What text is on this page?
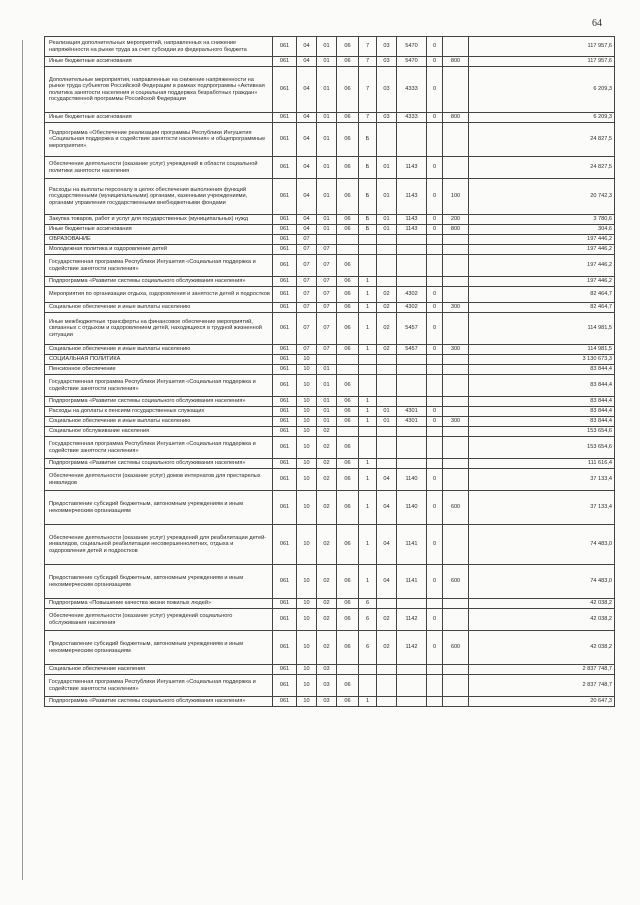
64
Реализация дополнительных мероприятий, направленных на снижение напряжённости на рынке труда за счет субсидии из федерального бюджета	061	04	01	06	7	03	5470	0		117 957,6
Иные бюджетные ассигнования	061	04	01	06	7	03	5470	0	800	117 957,6
Дополнительные мероприятия, направленные на снижение напряженности на рынке труда субъектов Российской Федерации в рамках подпрограммы «Активная политика занятости населения и социальная поддержка безработных граждан» государственной программы Российской Федерации	061	04	01	06	7	03	4333	0		6 209,3
Иные бюджетные ассигнования	061	04	01	06	7	03	4333	0	800	6 209,3
Подпрограмма «Обеспечение реализации программы Республики Ингушетия «Социальная поддержка и содействие занятости населения» и общепрограммные мероприятия»	061	04	01	06	Б					24 827,5
Обеспечение деятельности (оказание услуг) учреждений в области социальной политики занятости населения	061	04	01	06	Б	01	1143	0		24 827,5
Расходы на выплаты персоналу в целях обеспечения выполнения функций государственными (муниципальными) органами, казенными учреждениями, органами управления государственными внебюджетными фондами	061	04	01	06	Б	01	1143	0	100	20 742,3
Закупка товаров, работ и услуг для государственных (муниципальных) нужд	061	04	01	06	Б	01	1143	0	200	3 780,6
Иные бюджетные ассигнования	061	04	01	06	Б	01	1143	0	800	304,6
ОБРАЗОВАНИЕ	061	07								197 446,2
Молодежная политика и оздоровление детей	061	07	07							197 446,2
Государственная программа Республики Ингушетия «Социальная поддержка и содействие занятости населения»	061	07	07	06						197 446,2
Подпрограмма «Развитие системы социального обслуживания населения»	061	07	07	06	1					197 446,2
Мероприятия по организации отдыха, оздоровления и занятости детей и подростков	061	07	07	06	1	02	4302	0		82 464,7
Социальное обеспечение и иные выплаты населению	061	07	07	06	1	02	4302	0	300	82 464,7
Иные межбюджетные трансферты на финансовое обеспечение мероприятий, связанных с отдыхом и оздоровлением детей, находящихся в трудной жизненной ситуации	061	07	07	06	1	02	5457	0		114 981,5
Социальное обеспечение и иные выплаты населению	061	07	07	06	1	02	5457	0	300	114 981,5
СОЦИАЛЬНАЯ ПОЛИТИКА	061	10								3 130 673,3
Пенсионное обеспечение	061	10	01							83 844,4
Государственная программа Республики Ингушетия «Социальная поддержка и содействие занятости населения»	061	10	01	06						83 844,4
Подпрограмма «Развитие системы социального обслуживания населения»	061	10	01	06	1					83 844,4
Расходы на доплаты к пенсиям государственных служащих	061	10	01	06	1	01	4301	0		83 844,4
Социальное обеспечение и иные выплаты населению	061	10	01	06	1	01	4301	0	300	83 844,4
Социальное обслуживание населения	061	10	02							153 654,6
Государственная программа Республики Ингушетия «Социальная поддержка и содействие занятости населения»	061	10	02	06						153 654,6
Подпрограмма «Развитие системы социального обслуживания населения»	061	10	02	06	1					111 616,4
Обеспечение деятельности (оказание услуг) домов интернатов для престарелых инвалидов	061	10	02	06	1	04	1140	0		37 133,4
Предоставление субсидий бюджетным, автономным учреждениям и иным некоммерческим организациям	061	10	02	06	1	04	1140	0	600	37 133,4
Обеспечение деятельности (оказание услуг) учреждений для реабилитации детей-инвалидов, социальной реабилитации несовершеннолетних, отдыха и оздоровления детей и подростков	061	10	02	06	1	04	1141	0		74 483,0
Предоставление субсидий бюджетным, автономным учреждениям и иным некоммерческим организациям	061	10	02	06	1	04	1141	0	600	74 483,0
Подпрограмма «Повышение качества жизни пожилых людей»	061	10	02	06	6					42 038,2
Обеспечение деятельности (оказание услуг) учреждений социального обслуживания населения	061	10	02	06	6	02	1142	0		42 038,2
Предоставление субсидий бюджетным, автономным учреждениям и иным некоммерческим организациям	061	10	02	06	6	02	1142	0	600	42 038,2
Социальное обеспечение населения	061	10	03							2 837 748,7
Государственная программа Республики Ингушетия «Социальная поддержка и содействие занятости населения»	061	10	03	06						2 837 748,7
Подпрограмма «Развитие системы социального обслуживания населения»	061	10	03	06	1					20 647,3
